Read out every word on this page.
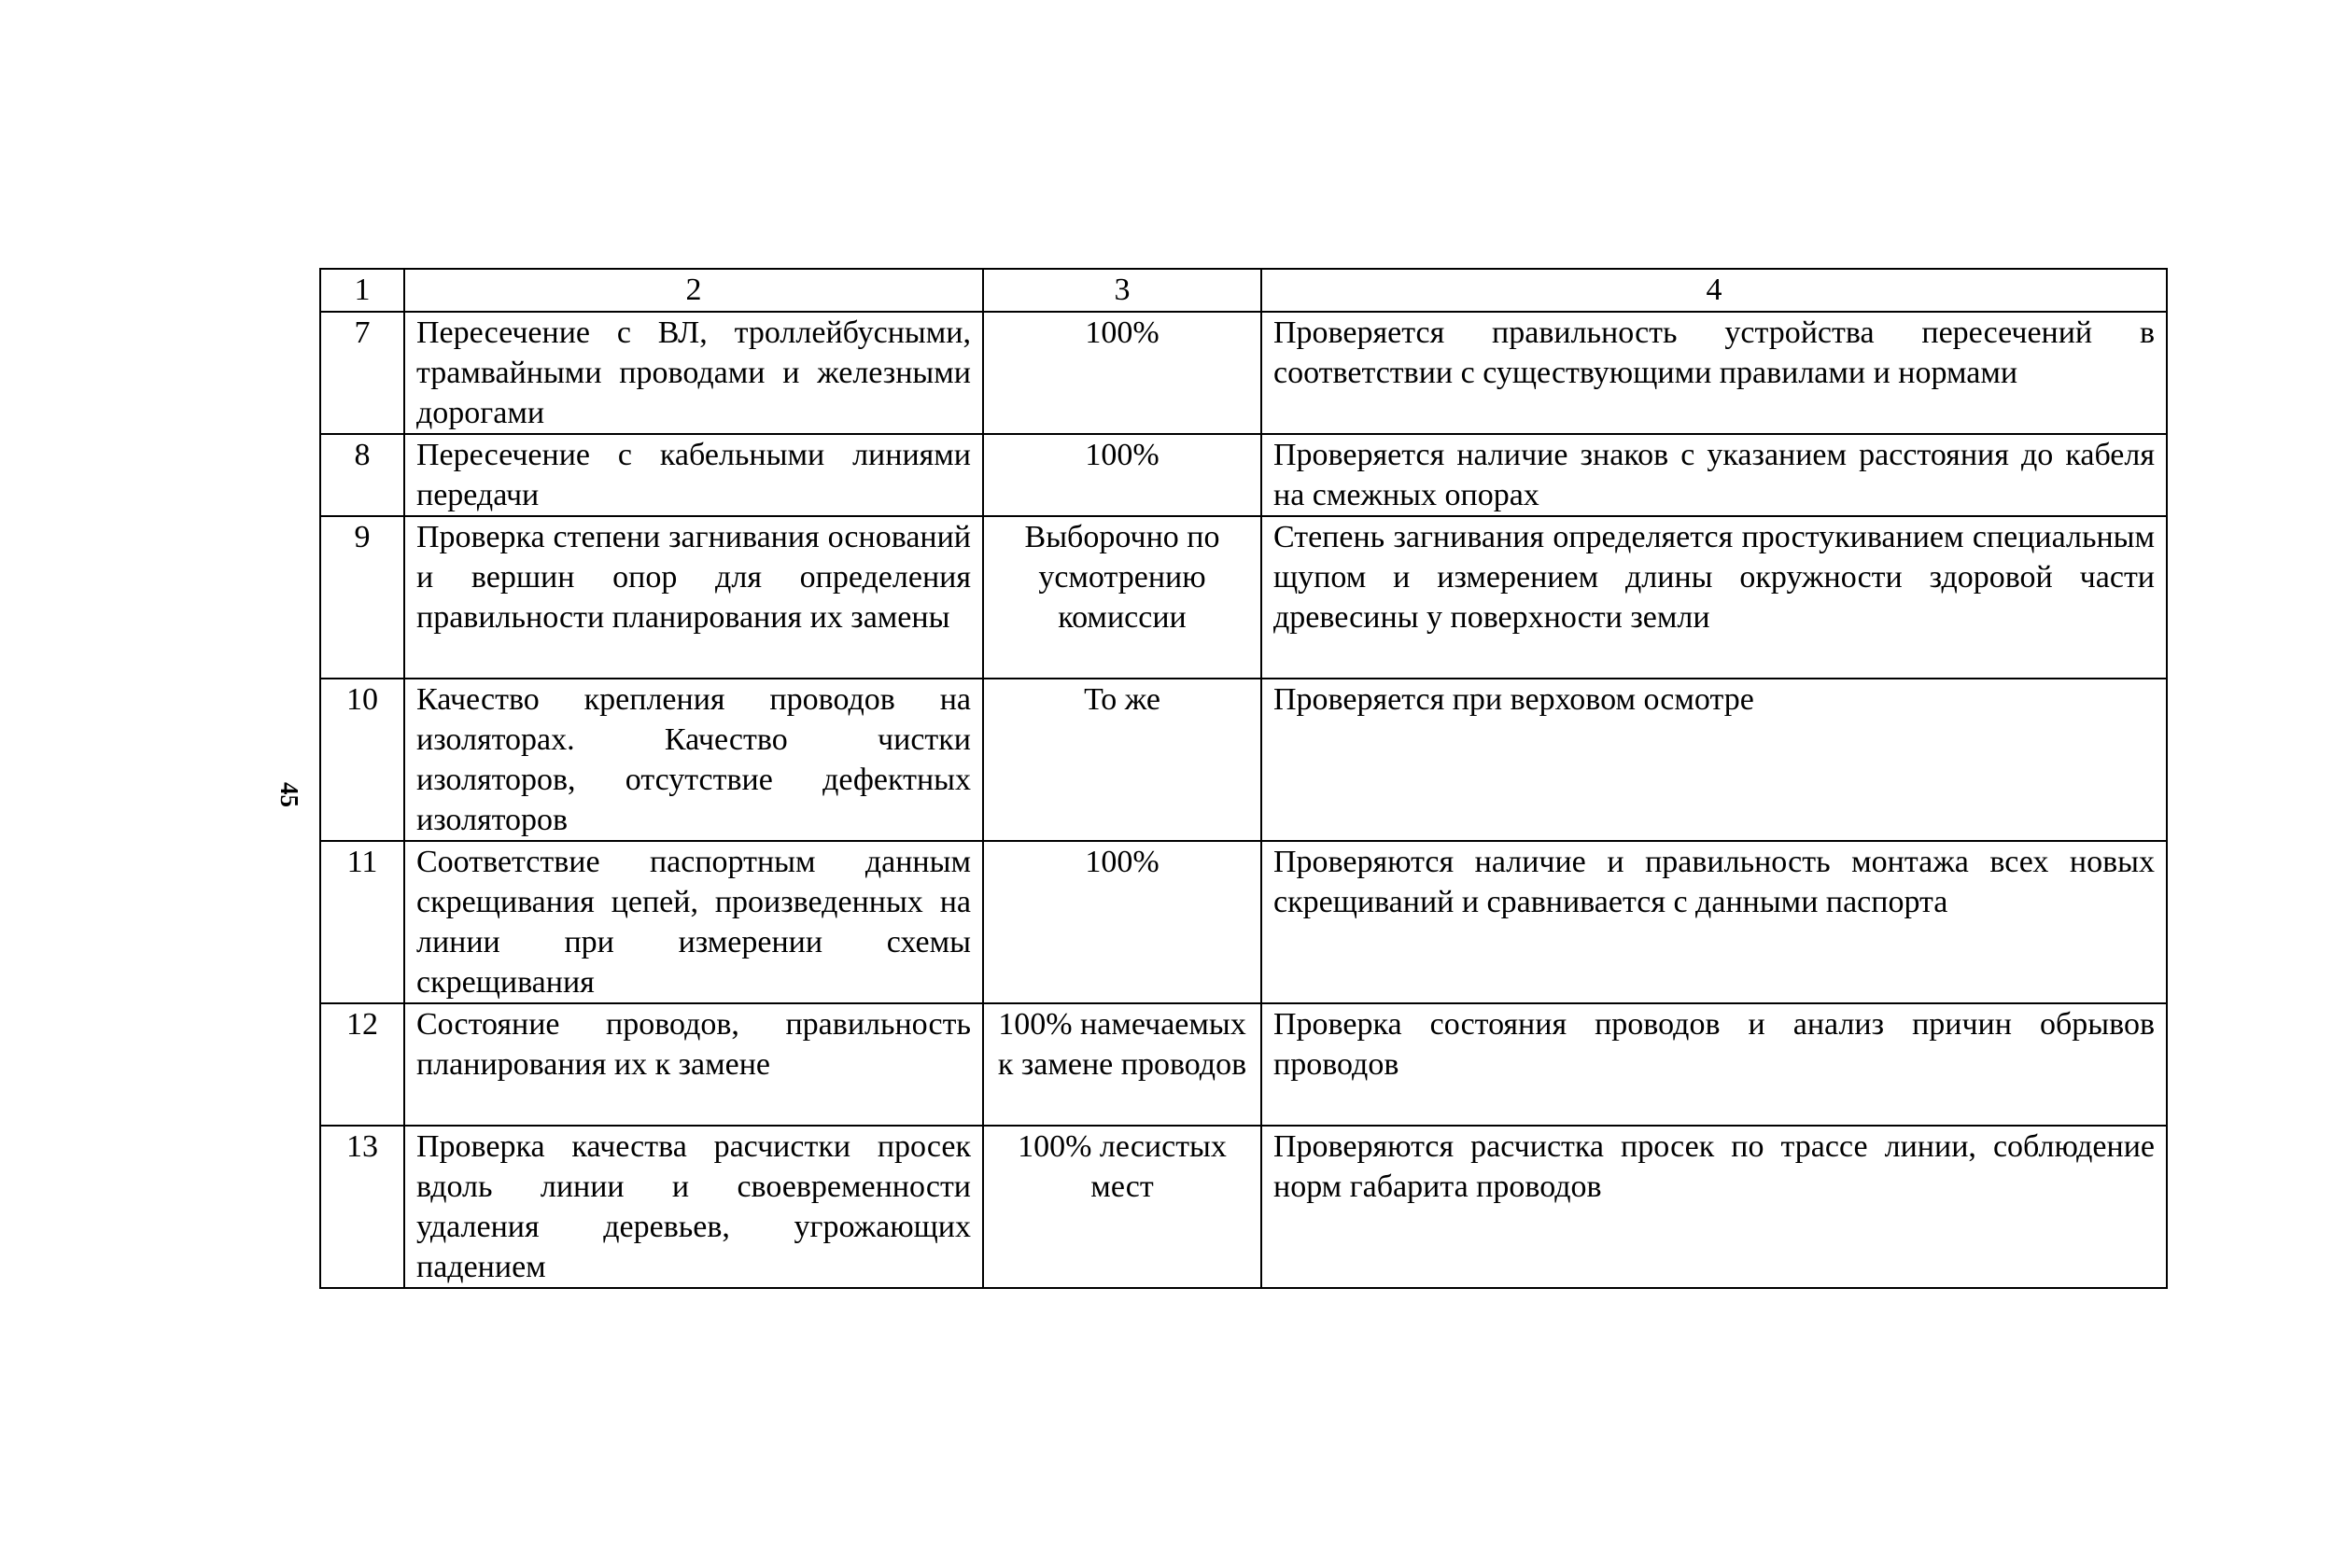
45
1	2	3	4
7	Пересечение с ВЛ, троллейбусными, трамвайными проводами и железными дорогами	100%	Проверяется правильность устройства пересечений в соответствии с существующими правилами и нормами
8	Пересечение с кабельными линиями передачи	100%	Проверяется наличие знаков с указанием расстояния до кабеля на смежных опорах
9	Проверка степени загнивания оснований и вершин опор для определения правильности планирования их замены	Выборочно по усмотрению комиссии	Степень загнивания определяется простукиванием специальным щупом и измерением длины окружности здоровой части древесины у поверхности земли
10	Качество крепления проводов на изоляторах. Качество чистки изоляторов, отсутствие дефектных изоляторов	То же	Проверяется при верховом осмотре
11	Соответствие паспортным данным скрещивания цепей, произведенных на линии при измерении схемы скрещивания	100%	Проверяются наличие и правильность монтажа всех новых скрещиваний и сравнивается с данными паспорта
12	Состояние проводов, правильность планирования их к замене	100% намечаемых к замене проводов	Проверка состояния проводов и анализ причин обрывов проводов
13	Проверка качества расчистки просек вдоль линии и своевременности удаления деревьев, угрожающих падением	100% лесистых мест	Проверяются расчистка просек по трассе линии, соблюдение норм габарита проводов
